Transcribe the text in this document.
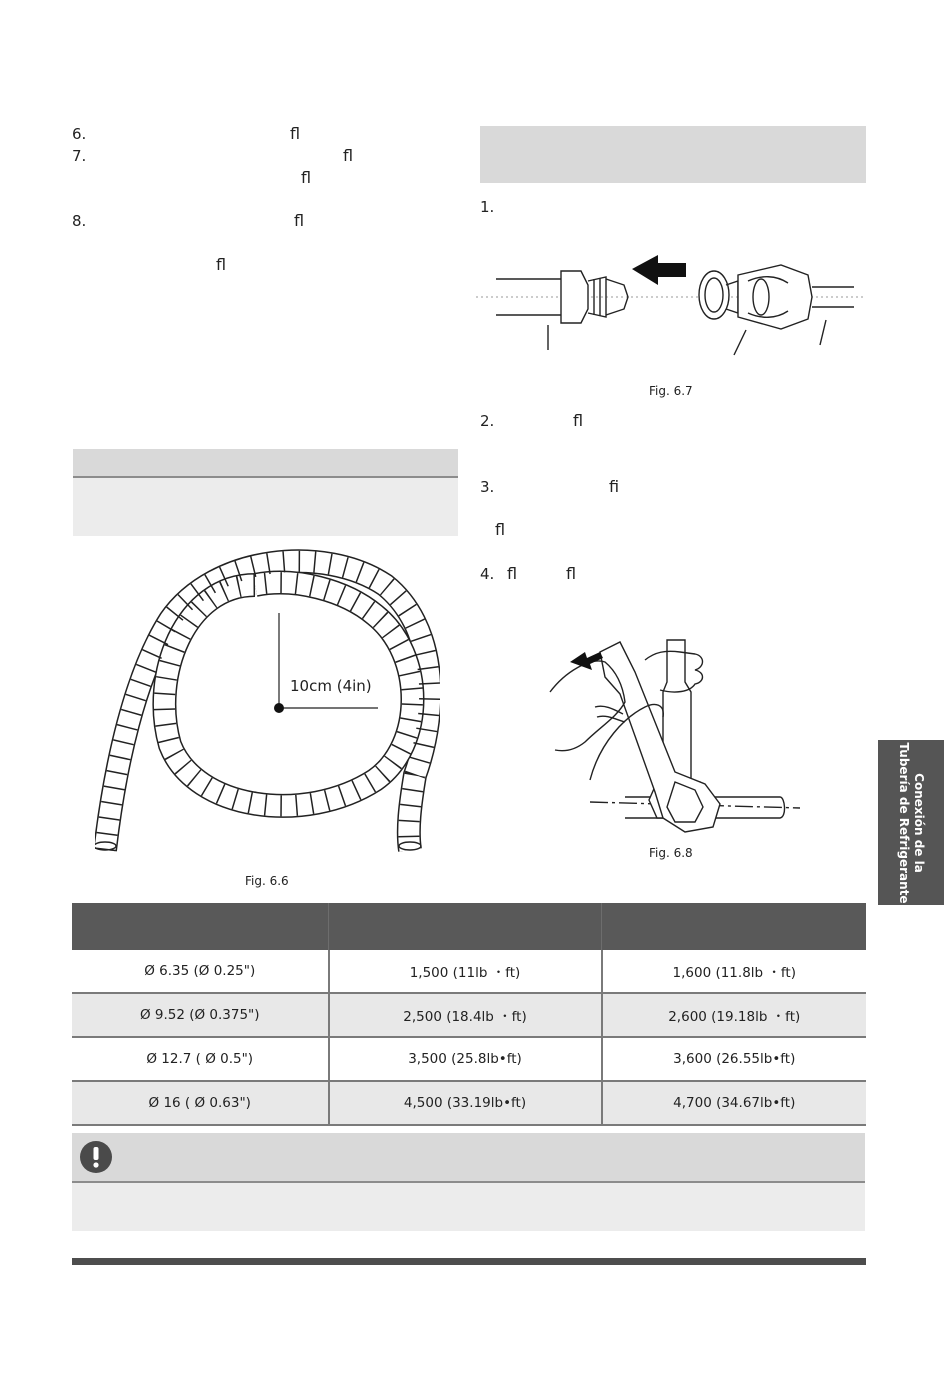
6.	ﬂ
7.	ﬂ
ﬂ
8.	ﬂ
ﬂ
10cm (4in)
Fig. 6.6
1.
Fig. 6.7
2.	ﬂ
3.	ﬁ
ﬂ
4. ﬂ	ﬂ
Fig. 6.8	Conexión de la
Tubería de Refrigerante

Ø 6.35 (Ø 0.25")	1,500 (11lb ・ft)	1,600 (11.8lb ・ft)
Ø 9.52 (Ø 0.375")	2,500 (18.4lb ・ft)	2,600 (19.18lb ・ft)
Ø 12.7 ( Ø 0.5")	3,500 (25.8lb•ft)	3,600 (26.55lb•ft)
Ø 16 ( Ø 0.63")	4,500 (33.19lb•ft)	4,700 (34.67lb•ft)
